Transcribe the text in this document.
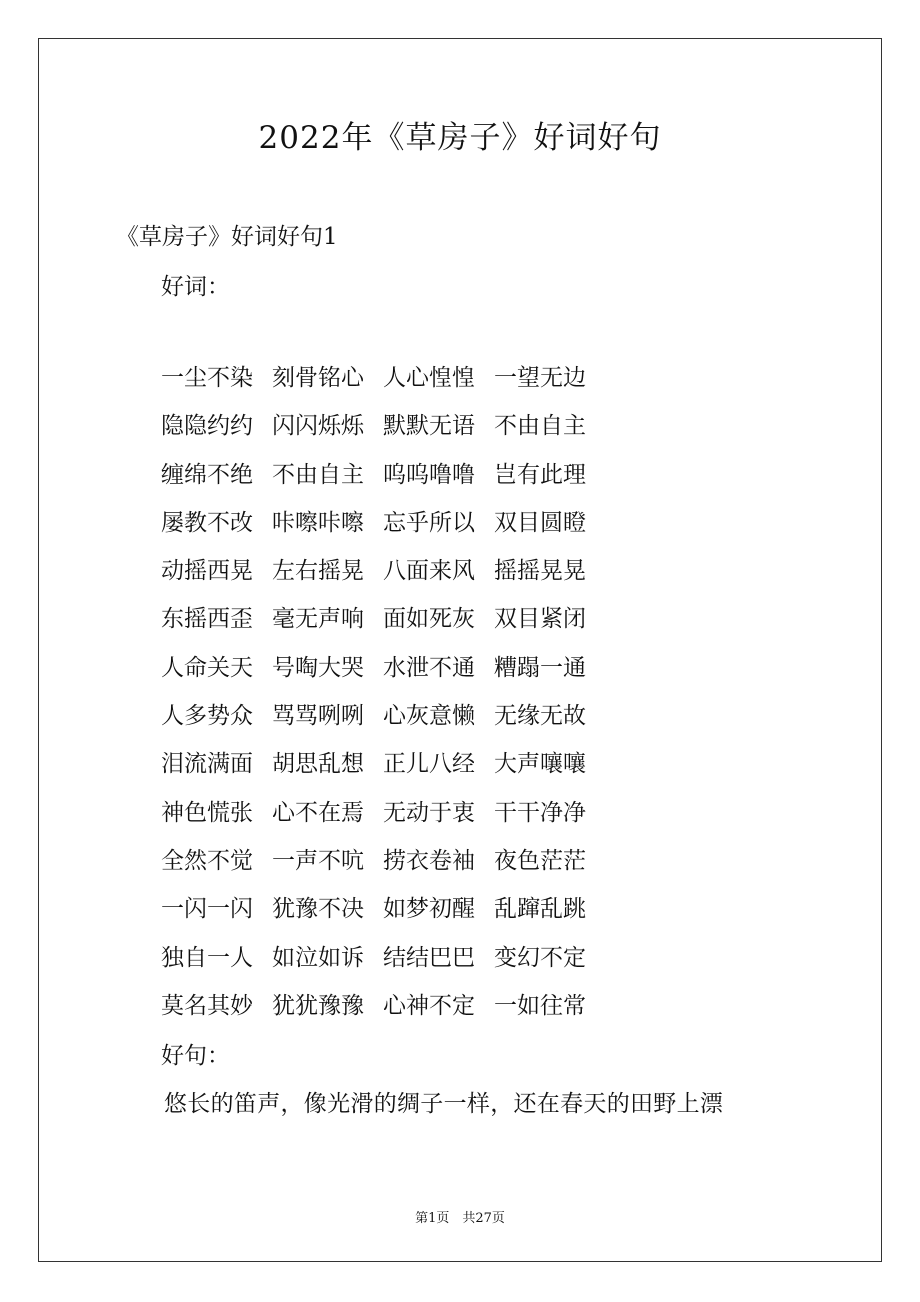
2022年《草房子》好词好句
《草房子》好词好句1
好词：
一尘不染 刻骨铭心 人心惶惶 一望无边
隐隐约约 闪闪烁烁 默默无语 不由自主
缠绵不绝 不由自主 呜呜噜噜 岂有此理
屡教不改 咔嚓咔嚓 忘乎所以 双目圆瞪
动摇西晃 左右摇晃 八面来风 摇摇晃晃
东摇西歪 毫无声响 面如死灰 双目紧闭
人命关天 号啕大哭 水泄不通 糟蹋一通
人多势众 骂骂咧咧 心灰意懒 无缘无故
泪流满面 胡思乱想 正儿八经 大声嚷嚷
神色慌张 心不在焉 无动于衷 干干净净
全然不觉 一声不吭 捞衣卷袖 夜色茫茫
一闪一闪 犹豫不决 如梦初醒 乱蹿乱跳
独自一人 如泣如诉 结结巴巴 变幻不定
莫名其妙 犹犹豫豫 心神不定 一如往常
好句：
悠长的笛声，像光滑的绸子一样，还在春天的田野上漂
第1页　共27页
